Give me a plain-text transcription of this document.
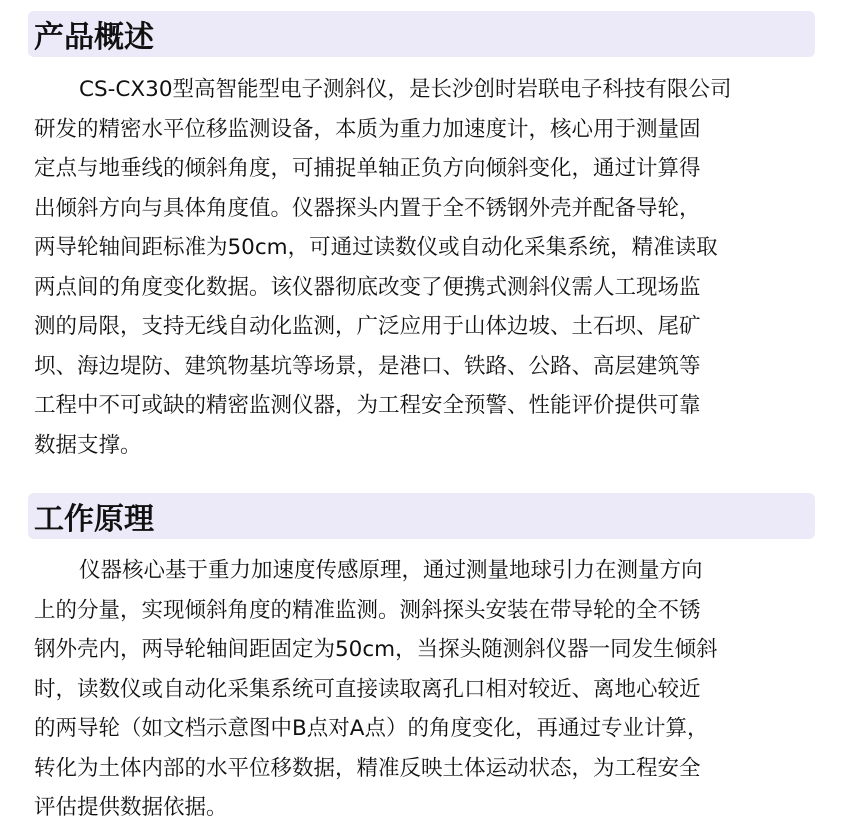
产品概述
CS-CX30型高智能型电子测斜仪，是长沙创时岩联电子科技有限公司
研发的精密水平位移监测设备，本质为重力加速度计，核心用于测量固
定点与地垂线的倾斜角度，可捕捉单轴正负方向倾斜变化，通过计算得
出倾斜方向与具体角度值。仪器探头内置于全不锈钢外壳并配备导轮，
两导轮轴间距标准为50cm，可通过读数仪或自动化采集系统，精准读取
两点间的角度变化数据。该仪器彻底改变了便携式测斜仪需人工现场监
测的局限，支持无线自动化监测，广泛应用于山体边坡、土石坝、尾矿
坝、海边堤防、建筑物基坑等场景，是港口、铁路、公路、高层建筑等
工程中不可或缺的精密监测仪器，为工程安全预警、性能评价提供可靠
数据支撑。
工作原理
仪器核心基于重力加速度传感原理，通过测量地球引力在测量方向
上的分量，实现倾斜角度的精准监测。测斜探头安装在带导轮的全不锈
钢外壳内，两导轮轴间距固定为50cm，当探头随测斜仪器一同发生倾斜
时，读数仪或自动化采集系统可直接读取离孔口相对较近、离地心较近
的两导轮（如文档示意图中B点对A点）的角度变化，再通过专业计算，
转化为土体内部的水平位移数据，精准反映土体运动状态，为工程安全
评估提供数据依据。
